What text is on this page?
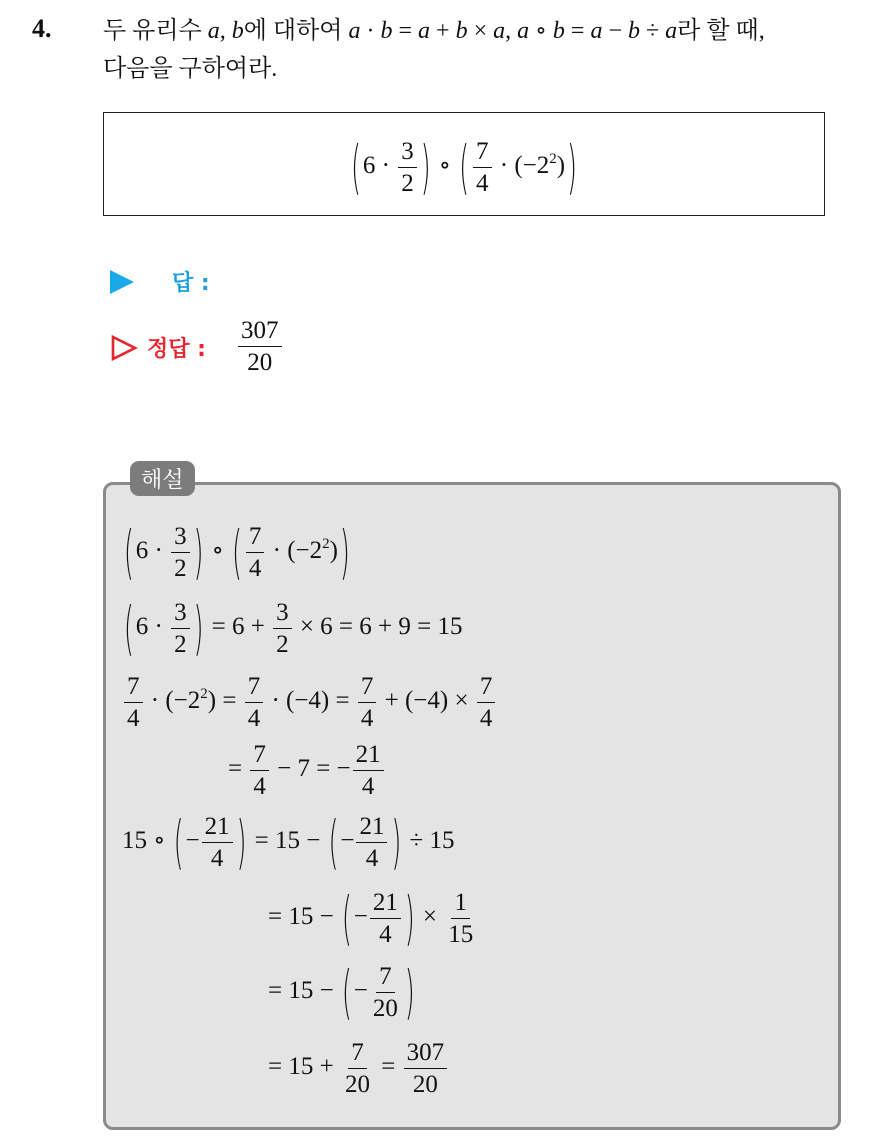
4. 두 유리수 a, b에 대하여 a · b = a + b × a, a ∘ b = a − b ÷ a라 할 때,
다음을 구하여라.
($6 \cdot \frac{3}{2}$ ) ∘ ( $\frac{7}{4} \cdot (-2^2)$)
답 :
정답 : $\frac{307}{20}$
해설
($6 \cdot \frac{3}{2}$ ) ∘ ( $\frac{7}{4} \cdot (-2^2)$)
($6 \cdot \frac{3}{2}$ ) = $6 + \frac{3}{2} \times 6 = 6 + 9 = 15$
$\frac{7}{4} \cdot (-2^2) = \frac{7}{4} \cdot (-4) = \frac{7}{4} + (-4) \times \frac{7}{4}$
= $\frac{7}{4} - 7$ = − $\frac{21}{4}$
15 ∘ (− $\frac{21}{4}$ ) = 15 − (− $\frac{21}{4}$ ) ÷ 15
= 15 − (− $\frac{21}{4}$ ) × $\frac{1}{15}$
= 15 − (− $\frac{7}{20}$ )
= $15 + \frac{7}{20} = \frac{307}{20}$
